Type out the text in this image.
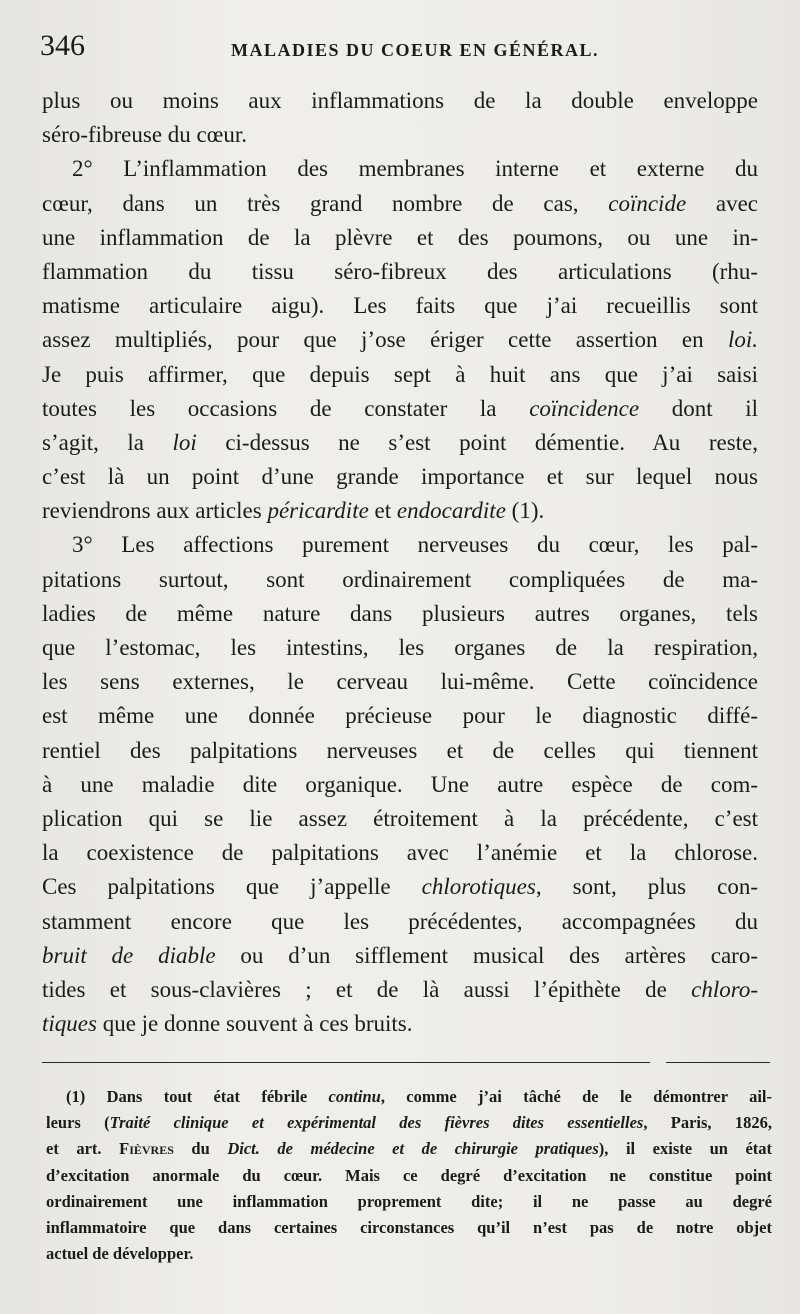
346	MALADIES DU COEUR EN GÉNÉRAL.
plus ou moins aux inflammations de la double enveloppe
séro-fibreuse du cœur.
2° L’inflammation des membranes interne et externe du
cœur, dans un très grand nombre de cas, coïncide avec
une inflammation de la plèvre et des poumons, ou une in-
flammation du tissu séro-fibreux des articulations (rhu-
matisme articulaire aigu). Les faits que j’ai recueillis sont
assez multipliés, pour que j’ose ériger cette assertion en loi.
Je puis affirmer, que depuis sept à huit ans que j’ai saisi
toutes les occasions de constater la coïncidence dont il
s’agit, la loi ci-dessus ne s’est point démentie. Au reste,
c’est là un point d’une grande importance et sur lequel nous
reviendrons aux articles péricardite et endocardite (1).
3° Les affections purement nerveuses du cœur, les pal-
pitations surtout, sont ordinairement compliquées de ma-
ladies de même nature dans plusieurs autres organes, tels
que l’estomac, les intestins, les organes de la respiration,
les sens externes, le cerveau lui-même. Cette coïncidence
est même une donnée précieuse pour le diagnostic diffé-
rentiel des palpitations nerveuses et de celles qui tiennent
à une maladie dite organique. Une autre espèce de com-
plication qui se lie assez étroitement à la précédente, c’est
la coexistence de palpitations avec l’anémie et la chlorose.
Ces palpitations que j’appelle chlorotiques, sont, plus con-
stamment encore que les précédentes, accompagnées du
bruit de diable ou d’un sifflement musical des artères caro-
tides et sous-clavières ; et de là aussi l’épithète de chloro-
tiques que je donne souvent à ces bruits.
(1) Dans tout état fébrile continu, comme j’ai tâché de le démontrer ail-
leurs (Traité clinique et expérimental des fièvres dites essentielles, Paris, 1826,
et art. Fièvres du Dict. de médecine et de chirurgie pratiques), il existe un état
d’excitation anormale du cœur. Mais ce degré d’excitation ne constitue point
ordinairement une inflammation proprement dite; il ne passe au degré
inflammatoire que dans certaines circonstances qu’il n’est pas de notre objet
actuel de développer.
